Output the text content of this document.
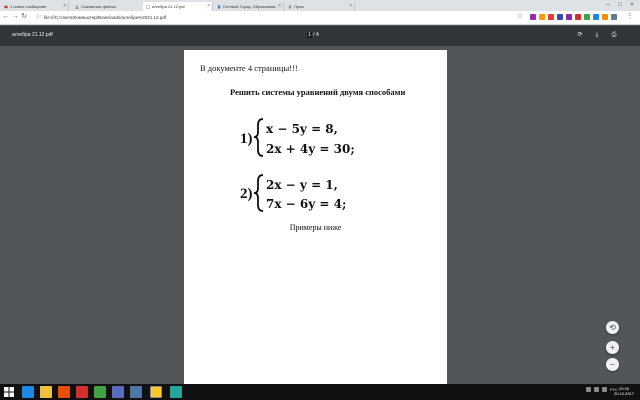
1 новое сообщение	×	Скачанные файлы	алгебра 21.12.pdf	×	Сетевой Город. Образовани... ×	Пулы	×	–	□	×
← → ↻ ⓘ file:///C:/Users/Компьютер/Downloads/алгебра%2021.12.pdf	☆	⋮
алгебра 21.12.pdf	1 / 4	⟳	⤓	⎙
В документе 4 страницы!!!
Решить системы уравнений двумя способами
1)
x − 5y = 8,
2x + 4y = 30;
2)
2x − y = 1,
7x − 6y = 4;
Примеры ниже
⟲
+
−
РУС 20:26
20.12.2017
